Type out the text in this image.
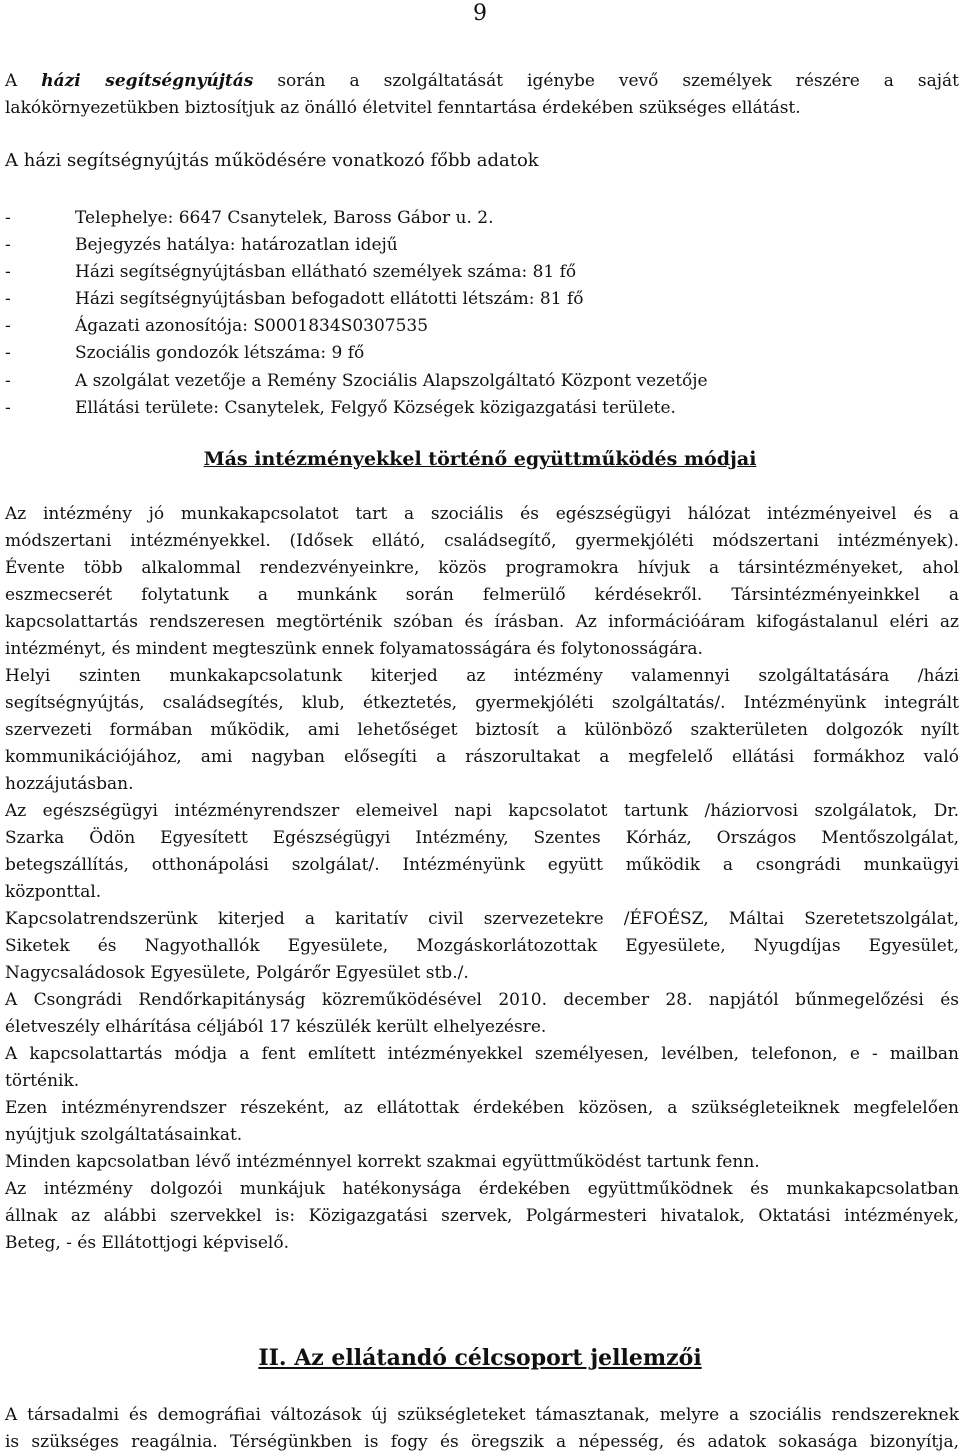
9

A házi segítségnyújtás során a szolgáltatását igénybe vevő személyek részére a saját

lakókörnyezetükben biztosítjuk az önálló életvitel fenntartása érdekében szükséges ellátást.

A házi segítségnyújtás működésére vonatkozó főbb adatok
-	Telephelye: 6647 Csanytelek, Baross Gábor u. 2.
-	Bejegyzés hatálya: határozatlan idejű
-	Házi segítségnyújtásban ellátható személyek száma: 81 fő
-	Házi segítségnyújtásban befogadott ellátotti létszám: 81 fő
-	Ágazati azonosítója: S0001834S0307535
-	Szociális gondozók létszáma: 9 fő
-	A szolgálat vezetője a Remény Szociális Alapszolgáltató Központ vezetője
-	Ellátási területe: Csanytelek, Felgyő Községek közigazgatási területe.
Más intézményekkel történő együttműködés módjai

Az intézmény jó munkakapcsolatot tart a szociális és egészségügyi hálózat intézményeivel és a

módszertani intézményekkel. (Idősek ellátó, családsegítő, gyermekjóléti módszertani intézmények).

Évente több alkalommal rendezvényeinkre, közös programokra hívjuk a társintézményeket, ahol

eszmecserét folytatunk a munkánk során felmerülő kérdésekről. Társintézményeinkkel a

kapcsolattartás rendszeresen megtörténik szóban és írásban. Az információáram kifogástalanul eléri az

intézményt, és mindent megteszünk ennek folyamatosságára és folytonosságára.

Helyi szinten munkakapcsolatunk kiterjed az intézmény valamennyi szolgáltatására /házi

segítségnyújtás, családsegítés, klub, étkeztetés, gyermekjóléti szolgáltatás/. Intézményünk integrált

szervezeti formában működik, ami lehetőséget biztosít a különböző szakterületen dolgozók nyílt

kommunikációjához, ami nagyban elősegíti a rászorultakat a megfelelő ellátási formákhoz való

hozzájutásban.

Az egészségügyi intézményrendszer elemeivel napi kapcsolatot tartunk /háziorvosi szolgálatok, Dr.

Szarka Ödön Egyesített Egészségügyi Intézmény, Szentes Kórház, Országos Mentőszolgálat,

betegszállítás, otthonápolási szolgálat/. Intézményünk együtt működik a csongrádi munkaügyi

központtal.

Kapcsolatrendszerünk kiterjed a karitatív civil szervezetekre /ÉFOÉSZ, Máltai Szeretetszolgálat,

Siketek és Nagyothallók Egyesülete, Mozgáskorlátozottak Egyesülete, Nyugdíjas Egyesület,

Nagycsaládosok Egyesülete, Polgárőr Egyesület stb./.

A Csongrádi Rendőrkapitányság közreműködésével 2010. december 28. napjától bűnmegelőzési és

életveszély elhárítása céljából 17 készülék került elhelyezésre.

A kapcsolattartás módja a fent említett intézményekkel személyesen, levélben, telefonon, e - mailban

történik.

Ezen intézményrendszer részeként, az ellátottak érdekében közösen, a szükségleteiknek megfelelően

nyújtjuk szolgáltatásainkat.

Minden kapcsolatban lévő intézménnyel korrekt szakmai együttműködést tartunk fenn.

Az intézmény dolgozói munkájuk hatékonysága érdekében együttműködnek és munkakapcsolatban

állnak az alábbi szervekkel is: Közigazgatási szervek, Polgármesteri hivatalok, Oktatási intézmények,

Beteg, - és Ellátottjogi képviselő.

II. Az ellátandó célcsoport jellemzői

A társadalmi és demográfiai változások új szükségleteket támasztanak, melyre a szociális rendszereknek

is szükséges reagálnia. Térségünkben is fogy és öregszik a népesség, és adatok sokasága bizonyítja,
